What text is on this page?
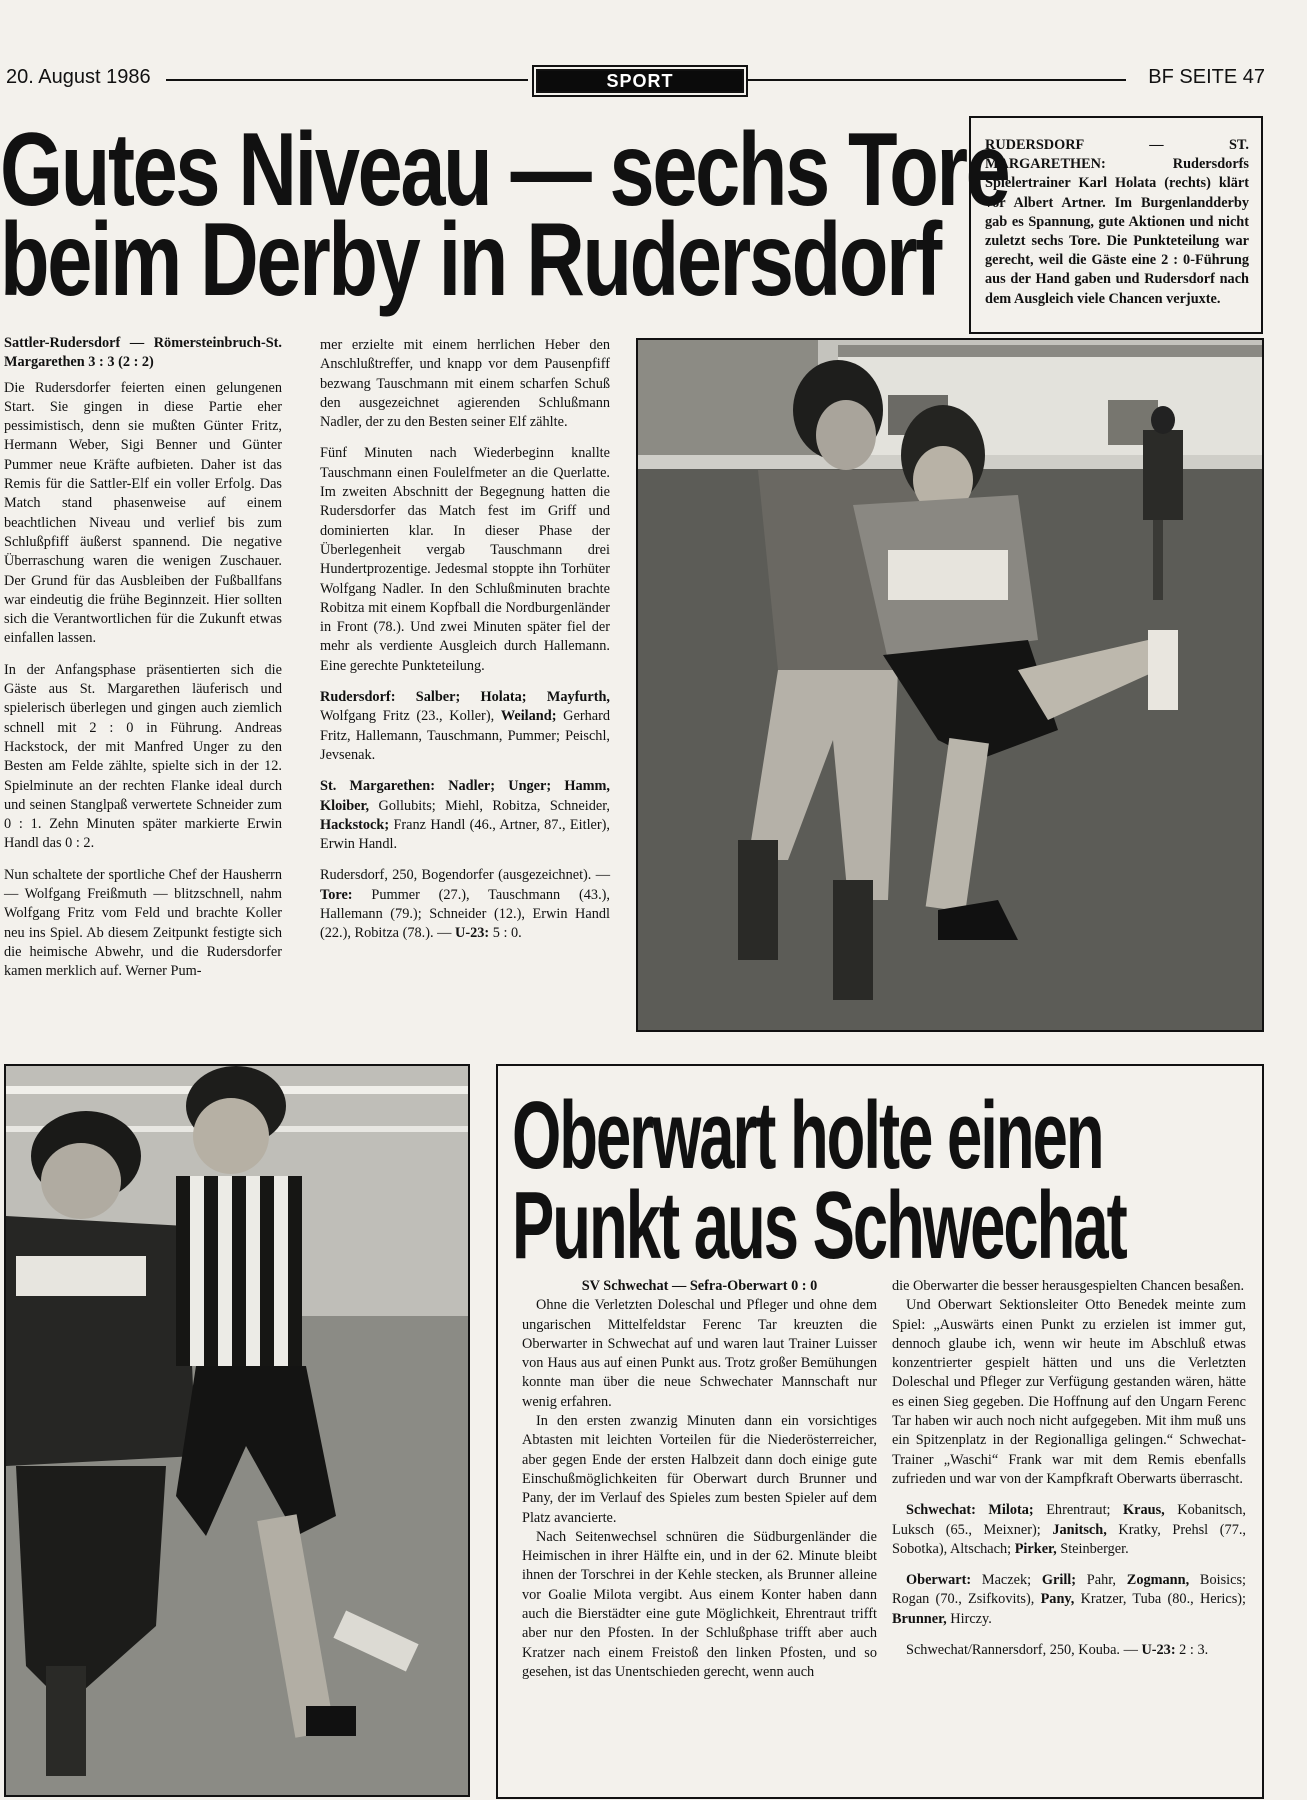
20. August 1986	SPORT	BF SEITE 47
Gutes Niveau — sechs Tore
beim Derby in Rudersdorf
RUDERSDORF — ST. MARGARETHEN: Rudersdorfs Spielertrainer Karl Holata (rechts) klärt vor Albert Artner. Im Burgenlandderby gab es Spannung, gute Aktionen und nicht zuletzt sechs Tore. Die Punkteteilung war gerecht, weil die Gäste eine 2 : 0-Führung aus der Hand gaben und Rudersdorf nach dem Ausgleich viele Chancen verjuxte.

Sattler-Rudersdorf — Römersteinbruch-St. Margarethen 3 : 3 (2 : 2)

Die Rudersdorfer feierten einen gelungenen Start. Sie gingen in diese Partie eher pessimistisch, denn sie mußten Günter Fritz, Hermann Weber, Sigi Benner und Günter Pummer neue Kräfte aufbieten. Daher ist das Remis für die Sattler-Elf ein voller Erfolg. Das Match stand phasenweise auf einem beachtlichen Niveau und verlief bis zum Schlußpfiff äußerst spannend. Die negative Überraschung waren die wenigen Zuschauer. Der Grund für das Ausbleiben der Fußballfans war eindeutig die frühe Beginnzeit. Hier sollten sich die Verantwortlichen für die Zukunft etwas einfallen lassen.

In der Anfangsphase präsentierten sich die Gäste aus St. Margarethen läuferisch und spielerisch überlegen und gingen auch ziemlich schnell mit 2 : 0 in Führung. Andreas Hackstock, der mit Manfred Unger zu den Besten am Felde zählte, spielte sich in der 12. Spielminute an der rechten Flanke ideal durch und seinen Stanglpaß verwertete Schneider zum 0 : 1. Zehn Minuten später markierte Erwin Handl das 0 : 2.

Nun schaltete der sportliche Chef der Hausherrn — Wolfgang Freißmuth — blitzschnell, nahm Wolfgang Fritz vom Feld und brachte Koller neu ins Spiel. Ab diesem Zeitpunkt festigte sich die heimische Abwehr, und die Rudersdorfer kamen merklich auf. Werner Pum-

mer erzielte mit einem herrlichen Heber den Anschlußtreffer, und knapp vor dem Pausenpfiff bezwang Tauschmann mit einem scharfen Schuß den ausgezeichnet agierenden Schlußmann Nadler, der zu den Besten seiner Elf zählte.

Fünf Minuten nach Wiederbeginn knallte Tauschmann einen Foulelfmeter an die Querlatte. Im zweiten Abschnitt der Begegnung hatten die Rudersdorfer das Match fest im Griff und dominierten klar. In dieser Phase der Überlegenheit vergab Tauschmann drei Hundertprozentige. Jedesmal stoppte ihn Torhüter Wolfgang Nadler. In den Schlußminuten brachte Robitza mit einem Kopfball die Nordburgenländer in Front (78.). Und zwei Minuten später fiel der mehr als verdiente Ausgleich durch Hallemann. Eine gerechte Punkteteilung.

Rudersdorf: Salber; Holata; Mayfurth, Wolfgang Fritz (23., Koller), Weiland; Gerhard Fritz, Hallemann, Tauschmann, Pummer; Peischl, Jevsenak.

St. Margarethen: Nadler; Unger; Hamm, Kloiber, Gollubits; Miehl, Robitza, Schneider, Hackstock; Franz Handl (46., Artner, 87., Eitler), Erwin Handl.

Rudersdorf, 250, Bogendorfer (ausgezeichnet). — Tore: Pummer (27.), Tauschmann (43.), Hallemann (79.); Schneider (12.), Erwin Handl (22.), Robitza (78.). — U-23: 5 : 0.

Oberwart holte einen
Punkt aus Schwechat

SV Schwechat — Sefra-Oberwart 0 : 0

Ohne die Verletzten Doleschal und Pfleger und ohne dem ungarischen Mittelfeldstar Ferenc Tar kreuzten die Oberwarter in Schwechat auf und waren laut Trainer Luisser von Haus aus auf einen Punkt aus. Trotz großer Bemühungen konnte man über die neue Schwechater Mannschaft nur wenig erfahren.

In den ersten zwanzig Minuten dann ein vorsichtiges Abtasten mit leichten Vorteilen für die Niederösterreicher, aber gegen Ende der ersten Halbzeit dann doch einige gute Einschußmöglichkeiten für Oberwart durch Brunner und Pany, der im Verlauf des Spieles zum besten Spieler auf dem Platz avancierte.

Nach Seitenwechsel schnüren die Südburgenländer die Heimischen in ihrer Hälfte ein, und in der 62. Minute bleibt ihnen der Torschrei in der Kehle stecken, als Brunner alleine vor Goalie Milota vergibt. Aus einem Konter haben dann auch die Bierstädter eine gute Möglichkeit, Ehrentraut trifft aber nur den Pfosten. In der Schlußphase trifft aber auch Kratzer nach einem Freistoß den linken Pfosten, und so gesehen, ist das Unentschieden gerecht, wenn auch

die Oberwarter die besser herausgespielten Chancen besaßen.

Und Oberwart Sektionsleiter Otto Benedek meinte zum Spiel: „Auswärts einen Punkt zu erzielen ist immer gut, dennoch glaube ich, wenn wir heute im Abschluß etwas konzentrierter gespielt hätten und uns die Verletzten Doleschal und Pfleger zur Verfügung gestanden wären, hätte es einen Sieg gegeben. Die Hoffnung auf den Ungarn Ferenc Tar haben wir auch noch nicht aufgegeben. Mit ihm muß uns ein Spitzenplatz in der Regionalliga gelingen.“ Schwechat-Trainer „Waschi“ Frank war mit dem Remis ebenfalls zufrieden und war von der Kampfkraft Oberwarts überrascht.

Schwechat: Milota; Ehrentraut; Kraus, Kobanitsch, Luksch (65., Meixner); Janitsch, Kratky, Prehsl (77., Sobotka), Altschach; Pirker, Steinberger.

Oberwart: Maczek; Grill; Pahr, Zogmann, Boisics; Rogan (70., Zsifkovits), Pany, Kratzer, Tuba (80., Herics); Brunner, Hirczy.

Schwechat/Rannersdorf, 250, Kouba. — U-23: 2 : 3.
